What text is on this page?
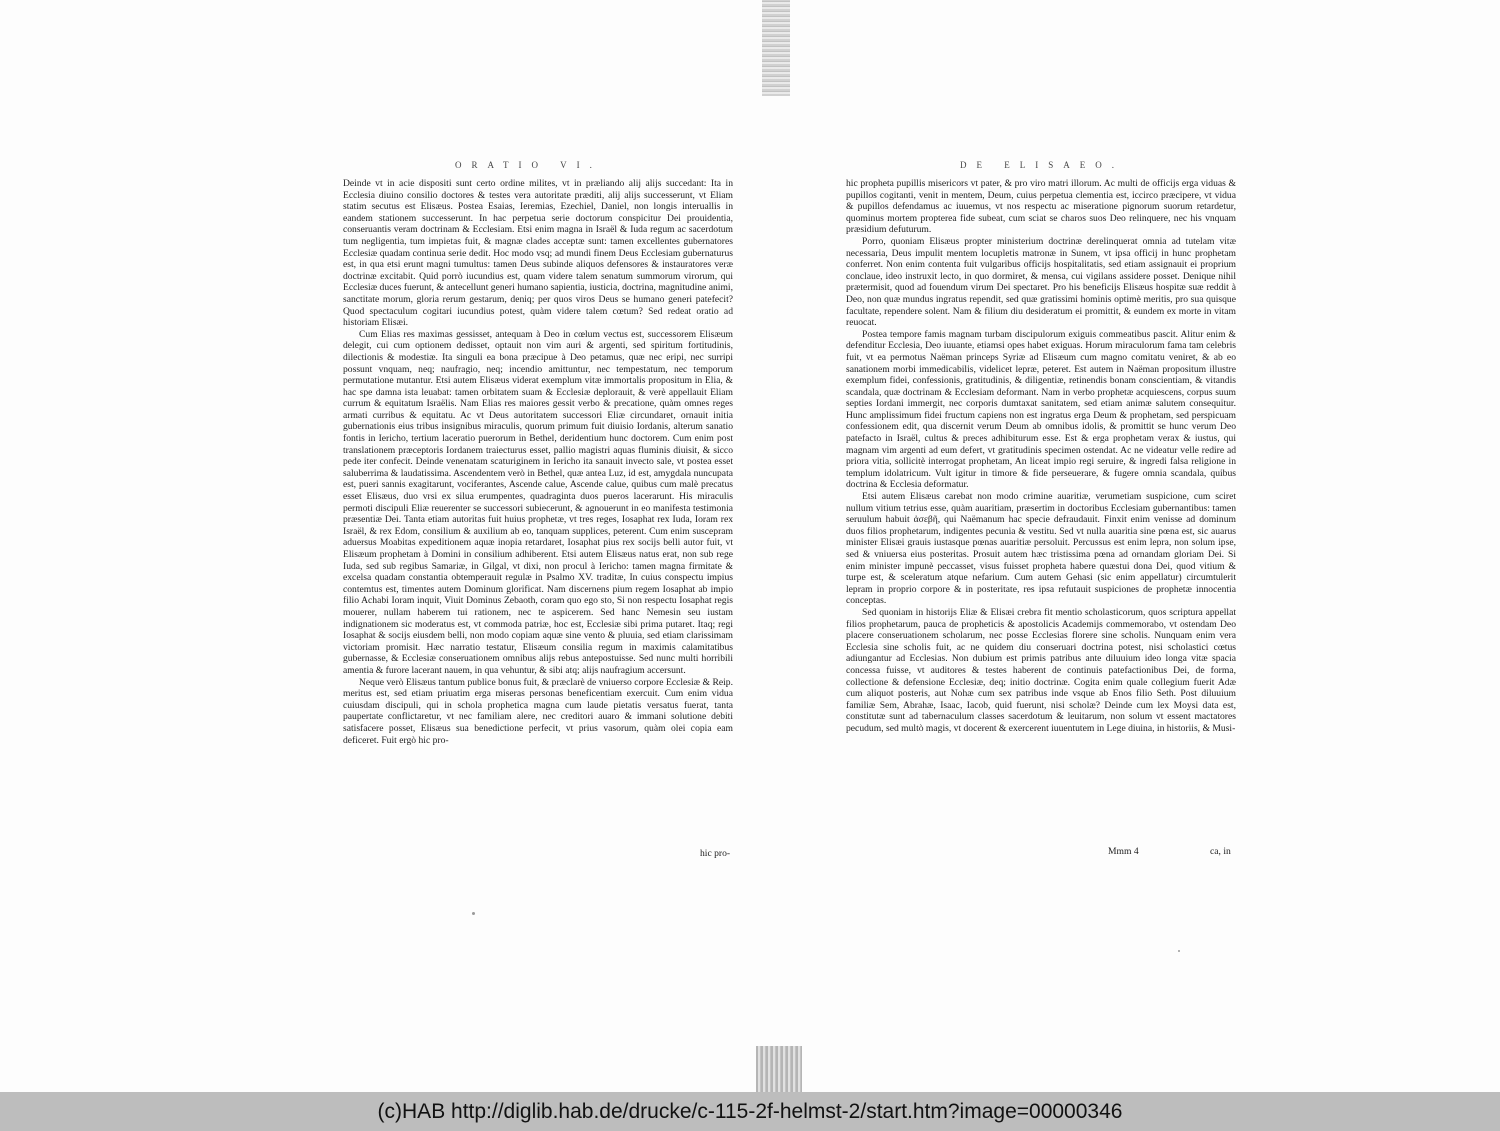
ORATIO VI.	DE ELISAEO.

Deinde vt in acie dispositi sunt certo ordine milites, vt in præliando alij alijs succedant: Ita in Ecclesia diuino consilio doctores & testes vera autoritate præditi, alij alijs successerunt, vt Eliam statim secutus est Elisæus. Postea Esaias, Ieremias, Ezechiel, Daniel, non longis interuallis in eandem stationem successerunt. In hac perpetua serie doctorum conspicitur Dei prouidentia, conseruantis veram doctrinam & Ecclesiam. Etsi enim magna in Israël & Iuda regum ac sacerdotum tum negligentia, tum impietas fuit, & magnæ clades acceptæ sunt: tamen excellentes gubernatores Ecclesiæ quadam continua serie dedit. Hoc modo vsq; ad mundi finem Deus Ecclesiam gubernaturus est, in qua etsi erunt magni tumultus: tamen Deus subinde aliquos defensores & instauratores veræ doctrinæ excitabit. Quid porrò iucundius est, quam videre talem senatum summorum virorum, qui Ecclesiæ duces fuerunt, & antecellunt generi humano sapientia, iusticia, doctrina, magnitudine animi, sanctitate morum, gloria rerum gestarum, deniq; per quos viros Deus se humano generi patefecit? Quod spectaculum cogitari iucundius potest, quàm videre talem cœtum? Sed redeat oratio ad historiam Elisæi.

Cum Elias res maximas gessisset, antequam à Deo in cœlum vectus est, successorem Elisæum delegit, cui cum optionem dedisset, optauit non vim auri & argenti, sed spiritum fortitudinis, dilectionis & modestiæ. Ita singuli ea bona præcipue à Deo petamus, quæ nec eripi, nec surripi possunt vnquam, neq; naufragio, neq; incendio amittuntur, nec tempestatum, nec temporum permutatione mutantur. Etsi autem Elisæus viderat exemplum vitæ immortalis propositum in Elia, & hac spe damna ista leuabat: tamen orbitatem suam & Ecclesiæ deplorauit, & verè appellauit Eliam currum & equitatum Israëlis. Nam Elias res maiores gessit verbo & precatione, quàm omnes reges armati curribus & equitatu. Ac vt Deus autoritatem successori Eliæ circundaret, ornauit initia gubernationis eius tribus insignibus miraculis, quorum primum fuit diuisio Iordanis, alterum sanatio fontis in Iericho, tertium laceratio puerorum in Bethel, deridentium hunc doctorem. Cum enim post translationem præceptoris Iordanem traiecturus esset, pallio magistri aquas fluminis diuisit, & sicco pede iter confecit. Deinde venenatam scaturiginem in Iericho ita sanauit invecto sale, vt postea esset saluberrima & laudatissima. Ascendentem verò in Bethel, quæ antea Luz, id est, amygdala nuncupata est, pueri sannis exagitarunt, vociferantes, Ascende calue, Ascende calue, quibus cum malè precatus esset Elisæus, duo vrsi ex silua erumpentes, quadraginta duos pueros lacerarunt. His miraculis permoti discipuli Eliæ reuerenter se successori subiecerunt, & agnouerunt in eo manifesta testimonia præsentiæ Dei. Tanta etiam autoritas fuit huius prophetæ, vt tres reges, Iosaphat rex Iuda, Ioram rex Israël, & rex Edom, consilium & auxilium ab eo, tanquam supplices, peterent. Cum enim suscepram aduersus Moabitas expeditionem aquæ inopia retardaret, Iosaphat pius rex socijs belli autor fuit, vt Elisæum prophetam à Domini in consilium adhiberent. Etsi autem Elisæus natus erat, non sub rege Iuda, sed sub regibus Samariæ, in Gilgal, vt dixi, non procul à Iericho: tamen magna firmitate & excelsa quadam constantia obtemperauit regulæ in Psalmo XV. traditæ, In cuius conspectu impius contemtus est, timentes autem Dominum glorificat. Nam discernens pium regem Iosaphat ab impio filio Achabi Ioram inquit, Viuit Dominus Zebaoth, coram quo ego sto, Si non respectu Iosaphat regis mouerer, nullam haberem tui rationem, nec te aspicerem. Sed hanc Nemesin seu iustam indignationem sic moderatus est, vt commoda patriæ, hoc est, Ecclesiæ sibi prima putaret. Itaq; regi Iosaphat & socijs eiusdem belli, non modo copiam aquæ sine vento & pluuia, sed etiam clarissimam victoriam promisit. Hæc narratio testatur, Elisæum consilia regum in maximis calamitatibus gubernasse, & Ecclesiæ conseruationem omnibus alijs rebus antepostuisse. Sed nunc multi horribili amentia & furore lacerant nauem, in qua vehuntur, & sibi atq; alijs naufragium accersunt.

Neque verò Elisæus tantum publice bonus fuit, & præclarè de vniuerso corpore Ecclesiæ & Reip. meritus est, sed etiam priuatim erga miseras personas beneficentiam exercuit. Cum enim vidua cuiusdam discipuli, qui in schola prophetica magna cum laude pietatis versatus fuerat, tanta paupertate conflictaretur, vt nec familiam alere, nec creditori auaro & immani solutione debiti satisfacere posset, Elisæus sua benedictione perfecit, vt prius vasorum, quàm olei copia eam deficeret. Fuit ergò hic pro-

hic propheta pupillis misericors vt pater, & pro viro matri illorum. Ac multi de officijs erga viduas & pupillos cogitanti, venit in mentem, Deum, cuius perpetua clementia est, iccirco præcipere, vt vidua & pupillos defendamus ac iuuemus, vt nos respectu ac miseratione pignorum suorum retardetur, quominus mortem propterea fide subeat, cum sciat se charos suos Deo relinquere, nec his vnquam præsidium defuturum.

Porro, quoniam Elisæus propter ministerium doctrinæ derelinquerat omnia ad tutelam vitæ necessaria, Deus impulit mentem locupletis matronæ in Sunem, vt ipsa officij in hunc prophetam conferret. Non enim contenta fuit vulgaribus officijs hospitalitatis, sed etiam assignauit ei proprium conclaue, ideo instruxit lecto, in quo dormiret, & mensa, cui vigilans assidere posset. Denique nihil prætermisit, quod ad fouendum virum Dei spectaret. Pro his beneficijs Elisæus hospitæ suæ reddit à Deo, non quæ mundus ingratus rependit, sed quæ gratissimi hominis optimè meritis, pro sua quisque facultate, rependere solent. Nam & filium diu desideratum ei promittit, & eundem ex morte in vitam reuocat.

Postea tempore famis magnam turbam discipulorum exiguis commeatibus pascit. Alitur enim & defenditur Ecclesia, Deo iuuante, etiamsi opes habet exiguas. Horum miraculorum fama tam celebris fuit, vt ea permotus Naëman princeps Syriæ ad Elisæum cum magno comitatu veniret, & ab eo sanationem morbi immedicabilis, videlicet lepræ, peteret. Est autem in Naëman propositum illustre exemplum fidei, confessionis, gratitudinis, & diligentiæ, retinendis bonam conscientiam, & vitandis scandala, quæ doctrinam & Ecclesiam deformant. Nam in verbo prophetæ acquiescens, corpus suum septies Iordani immergit, nec corporis dumtaxat sanitatem, sed etiam animæ salutem consequitur. Hunc amplissimum fidei fructum capiens non est ingratus erga Deum & prophetam, sed perspicuam confessionem edit, qua discernit verum Deum ab omnibus idolis, & promittit se hunc verum Deo patefacto in Israël, cultus & preces adhibiturum esse. Est & erga prophetam verax & iustus, qui magnam vim argenti ad eum defert, vt gratitudinis specimen ostendat. Ac ne videatur velle redire ad priora vitia, sollicitè interrogat prophetam, An liceat impio regi seruire, & ingredi falsa religione in templum idolatricum. Vult igitur in timore & fide perseuerare, & fugere omnia scandala, quibus doctrina & Ecclesia deformatur.

Etsi autem Elisæus carebat non modo crimine auaritiæ, verumetiam suspicione, cum sciret nullum vitium tetrius esse, quàm auaritiam, præsertim in doctoribus Ecclesiam gubernantibus: tamen seruulum habuit ἀσεβῆ, qui Naëmanum hac specie defraudauit. Finxit enim venisse ad dominum duos filios prophetarum, indigentes pecunia & vestitu. Sed vt nulla auaritia sine pœna est, sic auarus minister Elisæi grauis iustasque pœnas auaritiæ persoluit. Percussus est enim lepra, non solum ipse, sed & vniuersa eius posteritas. Prosuit autem hæc tristissima pœna ad ornandam gloriam Dei. Si enim minister impunè peccasset, visus fuisset propheta habere quæstui dona Dei, quod vitium & turpe est, & sceleratum atque nefarium. Cum autem Gehasi (sic enim appellatur) circumtulerit lepram in proprio corpore & in posteritate, res ipsa refutauit suspiciones de prophetæ innocentia conceptas.

Sed quoniam in historijs Eliæ & Elisæi crebra fit mentio scholasticorum, quos scriptura appellat filios prophetarum, pauca de propheticis & apostolicis Academijs commemorabo, vt ostendam Deo placere conseruationem scholarum, nec posse Ecclesias florere sine scholis. Nunquam enim vera Ecclesia sine scholis fuit, ac ne quidem diu conseruari doctrina potest, nisi scholastici cœtus adiungantur ad Ecclesias. Non dubium est primis patribus ante diluuium ideo longa vitæ spacia concessa fuisse, vt auditores & testes haberent de continuis patefactionibus Dei, de forma, collectione & defensione Ecclesiæ, deq; initio doctrinæ. Cogita enim quale collegium fuerit Adæ cum aliquot posteris, aut Nohæ cum sex patribus inde vsque ab Enos filio Seth. Post diluuium familiæ Sem, Abrahæ, Isaac, Iacob, quid fuerunt, nisi scholæ? Deinde cum lex Moysi data est, constitutæ sunt ad tabernaculum classes sacerdotum & leuitarum, non solum vt essent mactatores pecudum, sed multò magis, vt docerent & exercerent iuuentutem in Lege diuina, in historiis, & Musi-

hic pro-	Mmm 4	ca, in
(c)HAB http://diglib.hab.de/drucke/c-115-2f-helmst-2/start.htm?image=00000346
